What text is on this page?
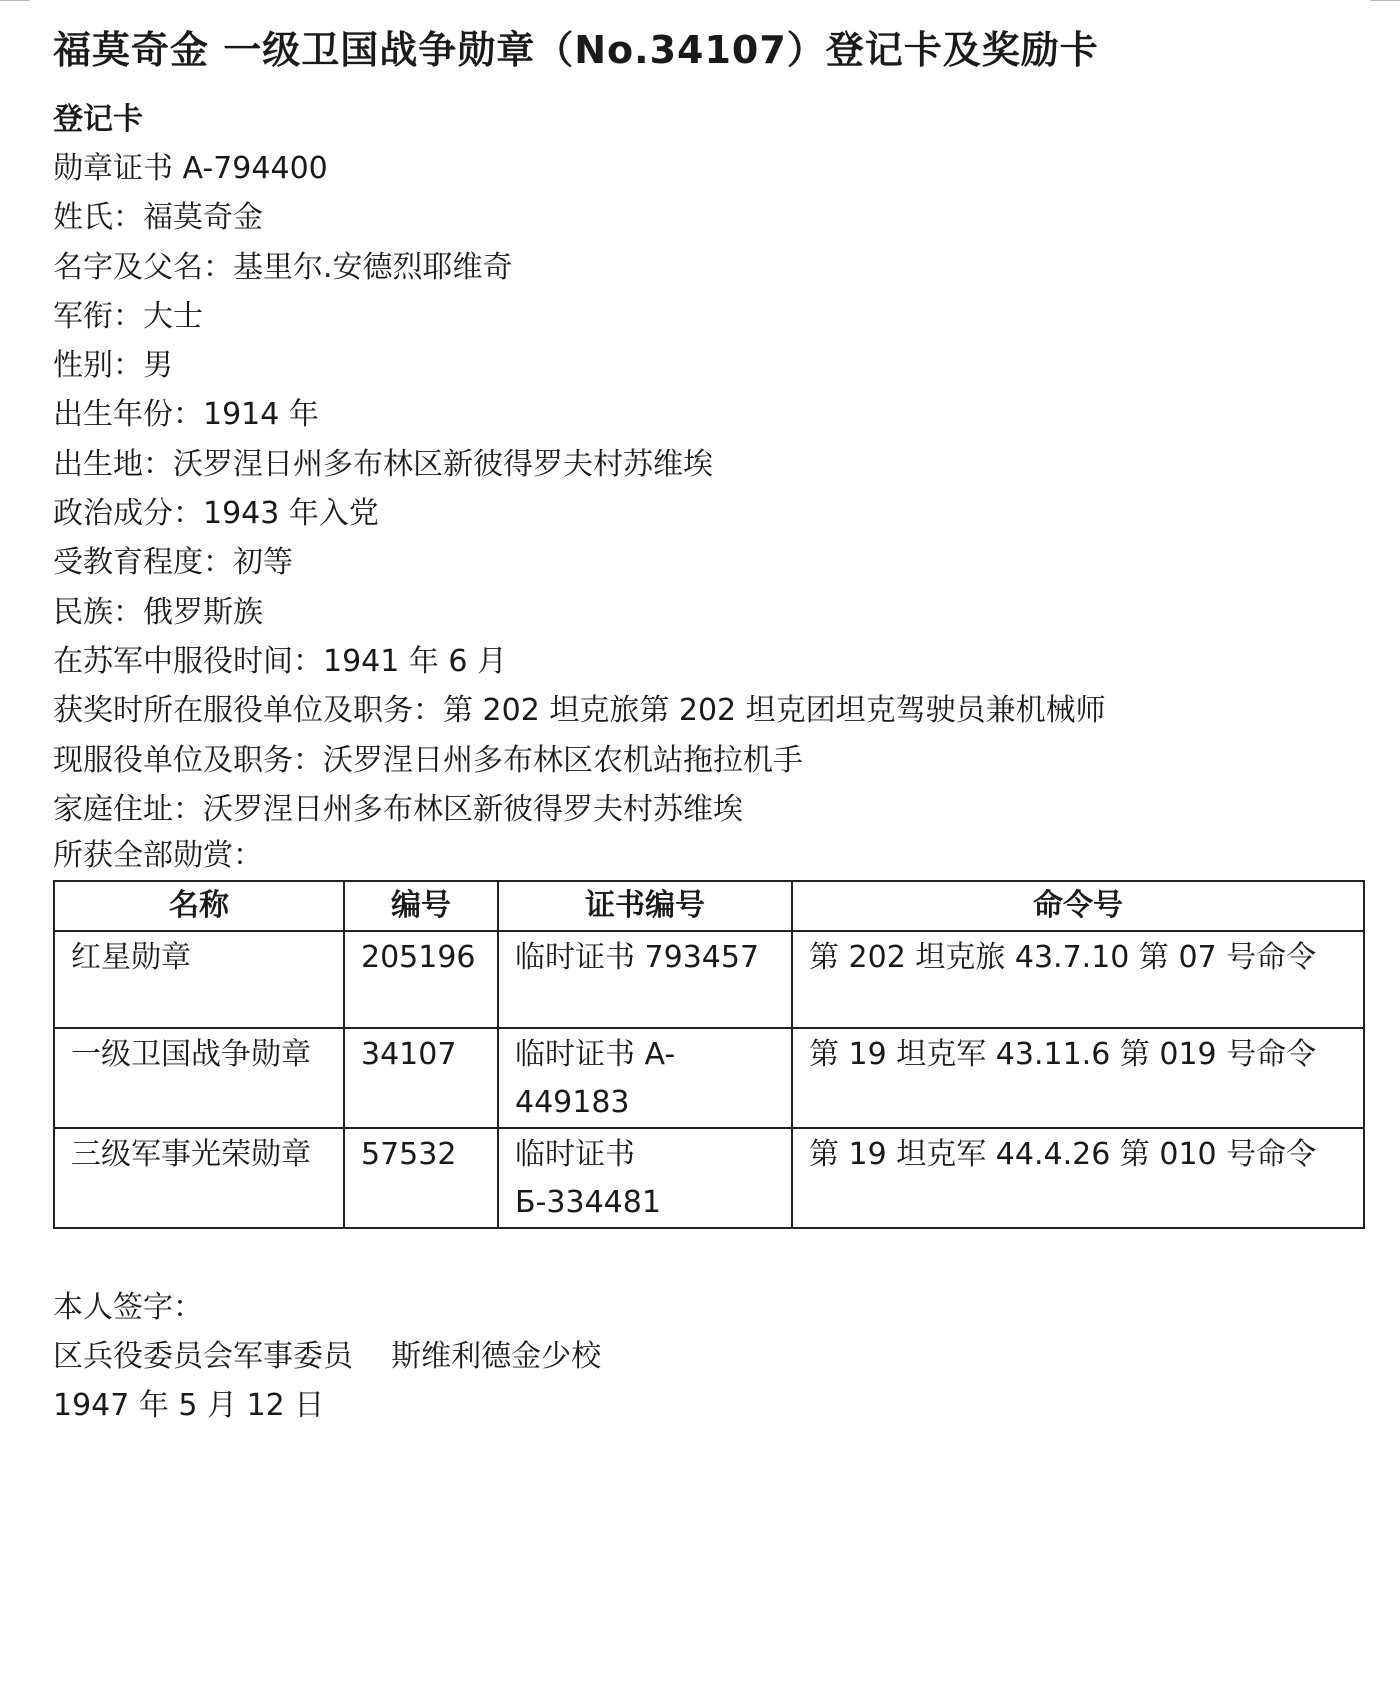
福莫奇金 一级卫国战争勋章（No.34107）登记卡及奖励卡

登记卡

勋章证书 A-794400

姓氏：福莫奇金

名字及父名：基里尔.安德烈耶维奇

军衔：大士

性别：男

出生年份：1914 年

出生地：沃罗涅日州多布林区新彼得罗夫村苏维埃

政治成分：1943 年入党

受教育程度：初等

民族：俄罗斯族

在苏军中服役时间：1941 年 6 月

获奖时所在服役单位及职务：第 202 坦克旅第 202 坦克团坦克驾驶员兼机械师

现服役单位及职务：沃罗涅日州多布林区农机站拖拉机手

家庭住址：沃罗涅日州多布林区新彼得罗夫村苏维埃

所获全部勋赏：

名称	编号	证书编号	命令号
红星勋章	205196	临时证书 793457	第 202 坦克旅 43.7.10 第 07 号命令
一级卫国战争勋章	34107	临时证书 A-449183	第 19 坦克军 43.11.6 第 019 号命令
三级军事光荣勋章	57532	临时证书Б-334481	第 19 坦克军 44.4.26 第 010 号命令

本人签字：

区兵役委员会军事委员    斯维利德金少校

1947 年 5 月 12 日
